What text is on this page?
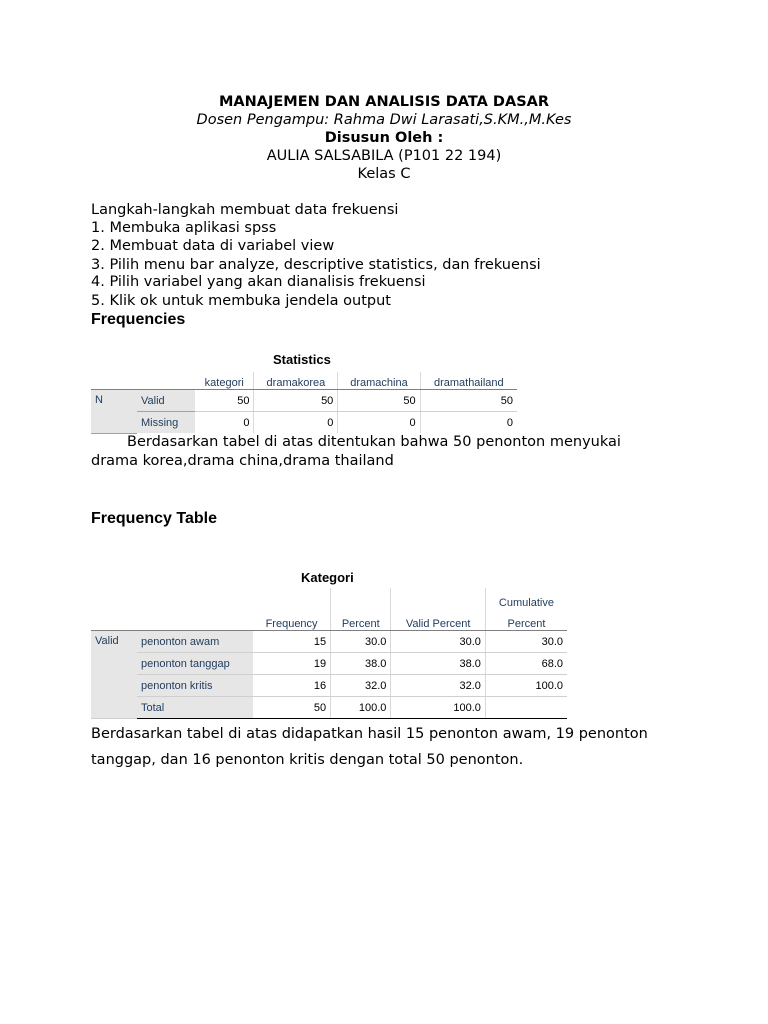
MANAJEMEN DAN ANALISIS DATA DASAR
Dosen Pengampu: Rahma Dwi Larasati,S.KM.,M.Kes
Disusun Oleh :
AULIA SALSABILA (P101 22 194)
Kelas C
Langkah-langkah membuat data frekuensi
1. Membuka aplikasi spss
2. Membuat data di variabel view
3. Pilih menu bar analyze, descriptive statistics, dan frekuensi
4. Pilih variabel yang akan dianalisis frekuensi
5. Klik ok untuk membuka jendela output
Frequencies
Statistics
		kategori	dramakorea	dramachina	dramathailand
N	Valid	50	50	50	50
	Missing	0	0	0	0
Berdasarkan tabel di atas ditentukan bahwa 50 penonton menyukai
drama korea,drama china,drama thailand
Frequency Table
Kategori
					Cumulative
		Frequency	Percent	Valid Percent	Percent
Valid	penonton awam	15	30.0	30.0	30.0
	penonton tanggap	19	38.0	38.0	68.0
	penonton kritis	16	32.0	32.0	100.0
	Total	50	100.0	100.0	
Berdasarkan tabel di atas didapatkan hasil 15 penonton awam, 19 penonton
tanggap, dan 16 penonton kritis dengan total 50 penonton.
